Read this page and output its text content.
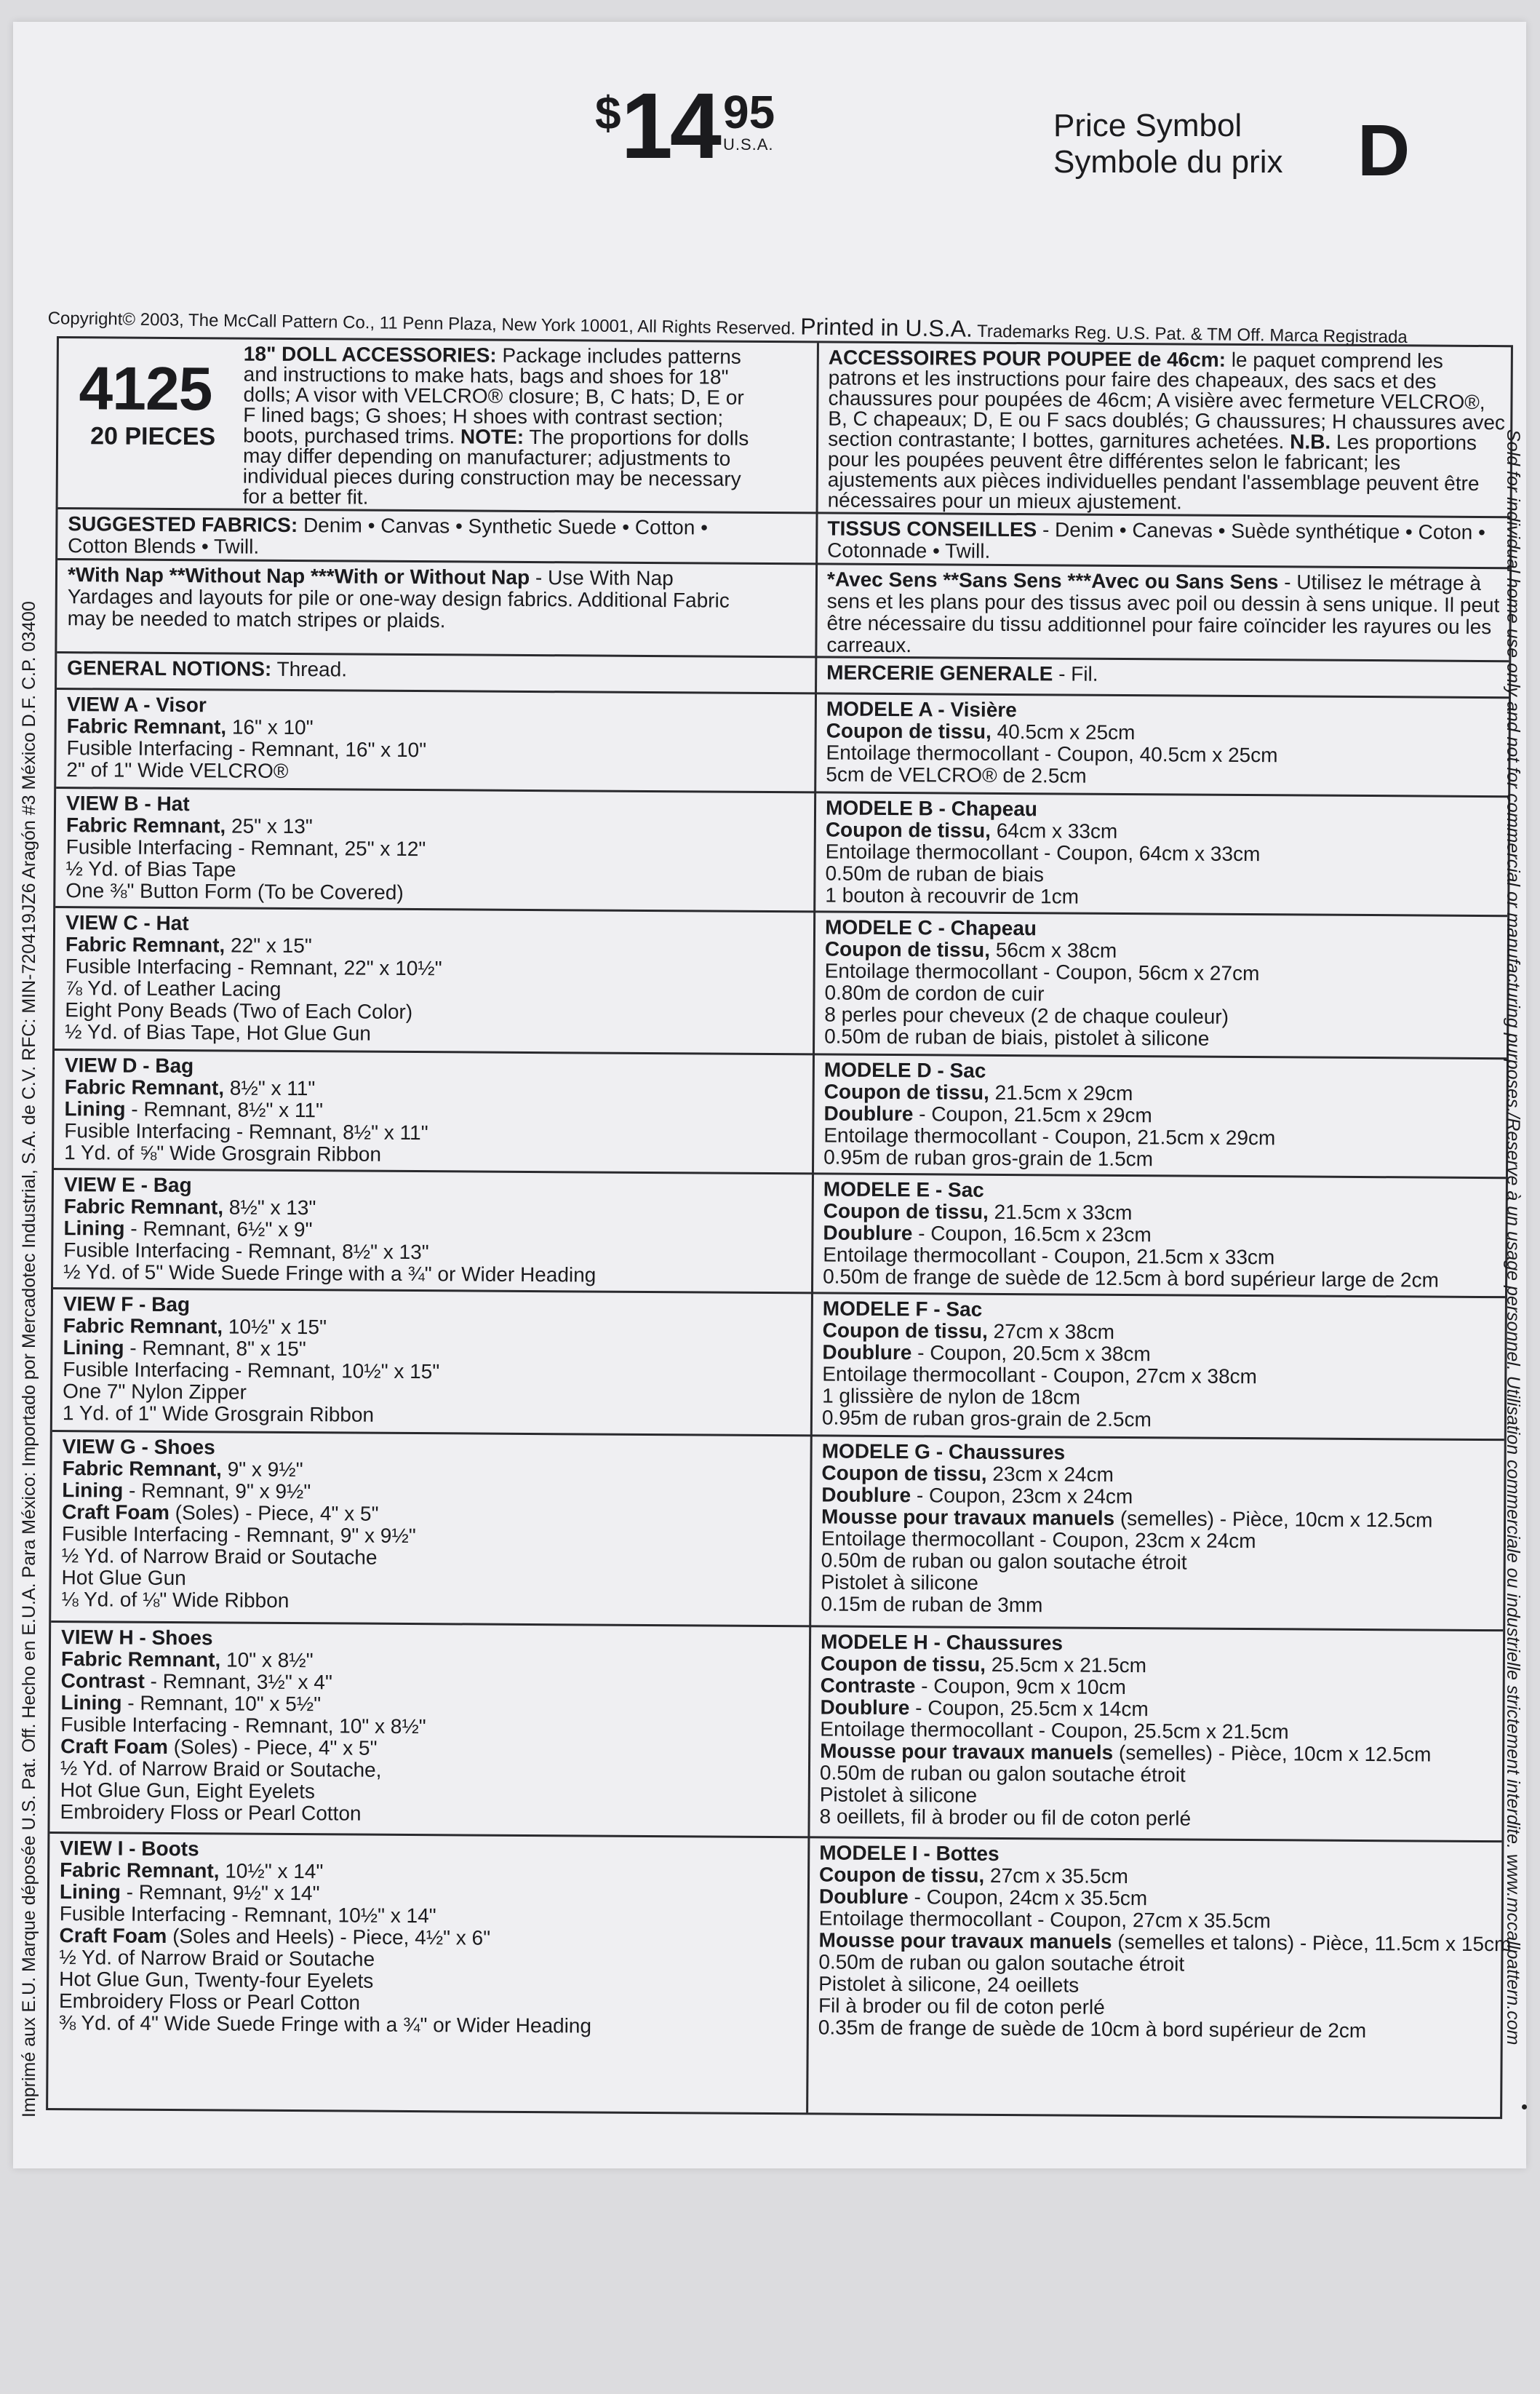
$14 95
U.S.A.
Price Symbol
Symbole du prix D
Copyright© 2003, The McCall Pattern Co., 11 Penn Plaza, New York 10001, All Rights Reserved. Printed in U.S.A. Trademarks Reg. U.S. Pat. & TM Off. Marca Registrada
4125
20 PIECES
18" DOLL ACCESSORIES: Package includes patterns
and instructions to make hats, bags and shoes for 18"
dolls; A visor with VELCRO® closure; B, C hats; D, E or
F lined bags; G shoes; H shoes with contrast section;
boots, purchased trims. NOTE: The proportions for dolls
may differ depending on manufacturer; adjustments to
individual pieces during construction may be necessary
for a better fit.
ACCESSOIRES POUR POUPEE de 46cm: le paquet comprend les
patrons et les instructions pour faire des chapeaux, des sacs et des
chaussures pour poupées de 46cm; A visière avec fermeture VELCRO®,
B, C chapeaux; D, E ou F sacs doublés; G chaussures; H chaussures avec
section contrastante; I bottes, garnitures achetées. N.B. Les proportions
pour les poupées peuvent être différentes selon le fabricant; les
ajustements aux pièces individuelles pendant l'assemblage peuvent être
nécessaires pour un mieux ajustement.
SUGGESTED FABRICS: Denim • Canvas • Synthetic Suede • Cotton •
Cotton Blends • Twill.
TISSUS CONSEILLES - Denim • Canevas • Suède synthétique • Coton •
Cotonnade • Twill.
*With Nap **Without Nap ***With or Without Nap - Use With Nap
Yardages and layouts for pile or one-way design fabrics. Additional Fabric
may be needed to match stripes or plaids.
*Avec Sens **Sans Sens ***Avec ou Sans Sens - Utilisez le métrage à
sens et les plans pour des tissus avec poil ou dessin à sens unique. Il peut
être nécessaire du tissu additionnel pour faire coïncider les rayures ou les
carreaux.
GENERAL NOTIONS: Thread.	MERCERIE GENERALE - Fil.
VIEW A - Visor
Fabric Remnant, 16" x 10"
Fusible Interfacing - Remnant, 16" x 10"
2" of 1" Wide VELCRO®
MODELE A - Visière
Coupon de tissu, 40.5cm x 25cm
Entoilage thermocollant - Coupon, 40.5cm x 25cm
5cm de VELCRO® de 2.5cm
VIEW B - Hat
Fabric Remnant, 25" x 13"
Fusible Interfacing - Remnant, 25" x 12"
½ Yd. of Bias Tape
One ⅜" Button Form (To be Covered)
MODELE B - Chapeau
Coupon de tissu, 64cm x 33cm
Entoilage thermocollant - Coupon, 64cm x 33cm
0.50m de ruban de biais
1 bouton à recouvrir de 1cm
VIEW C - Hat
Fabric Remnant, 22" x 15"
Fusible Interfacing - Remnant, 22" x 10½"
⅞ Yd. of Leather Lacing
Eight Pony Beads (Two of Each Color)
½ Yd. of Bias Tape, Hot Glue Gun
MODELE C - Chapeau
Coupon de tissu, 56cm x 38cm
Entoilage thermocollant - Coupon, 56cm x 27cm
0.80m de cordon de cuir
8 perles pour cheveux (2 de chaque couleur)
0.50m de ruban de biais, pistolet à silicone
VIEW D - Bag
Fabric Remnant, 8½" x 11"
Lining - Remnant, 8½" x 11"
Fusible Interfacing - Remnant, 8½" x 11"
1 Yd. of ⅝" Wide Grosgrain Ribbon
MODELE D - Sac
Coupon de tissu, 21.5cm x 29cm
Doublure - Coupon, 21.5cm x 29cm
Entoilage thermocollant - Coupon, 21.5cm x 29cm
0.95m de ruban gros-grain de 1.5cm
VIEW E - Bag
Fabric Remnant, 8½" x 13"
Lining - Remnant, 6½" x 9"
Fusible Interfacing - Remnant, 8½" x 13"
½ Yd. of 5" Wide Suede Fringe with a ¾" or Wider Heading
MODELE E - Sac
Coupon de tissu, 21.5cm x 33cm
Doublure - Coupon, 16.5cm x 23cm
Entoilage thermocollant - Coupon, 21.5cm x 33cm
0.50m de frange de suède de 12.5cm à bord supérieur large de 2cm
VIEW F - Bag
Fabric Remnant, 10½" x 15"
Lining - Remnant, 8" x 15"
Fusible Interfacing - Remnant, 10½" x 15"
One 7" Nylon Zipper
1 Yd. of 1" Wide Grosgrain Ribbon
MODELE F - Sac
Coupon de tissu, 27cm x 38cm
Doublure - Coupon, 20.5cm x 38cm
Entoilage thermocollant - Coupon, 27cm x 38cm
1 glissière de nylon de 18cm
0.95m de ruban gros-grain de 2.5cm
VIEW G - Shoes
Fabric Remnant, 9" x 9½"
Lining - Remnant, 9" x 9½"
Craft Foam (Soles) - Piece, 4" x 5"
Fusible Interfacing - Remnant, 9" x 9½"
½ Yd. of Narrow Braid or Soutache
Hot Glue Gun
⅛ Yd. of ⅛" Wide Ribbon
MODELE G - Chaussures
Coupon de tissu, 23cm x 24cm
Doublure - Coupon, 23cm x 24cm
Mousse pour travaux manuels (semelles) - Pièce, 10cm x 12.5cm
Entoilage thermocollant - Coupon, 23cm x 24cm
0.50m de ruban ou galon soutache étroit
Pistolet à silicone
0.15m de ruban de 3mm
VIEW H - Shoes
Fabric Remnant, 10" x 8½"
Contrast - Remnant, 3½" x 4"
Lining - Remnant, 10" x 5½"
Fusible Interfacing - Remnant, 10" x 8½"
Craft Foam (Soles) - Piece, 4" x 5"
½ Yd. of Narrow Braid or Soutache,
Hot Glue Gun, Eight Eyelets
Embroidery Floss or Pearl Cotton
MODELE H - Chaussures
Coupon de tissu, 25.5cm x 21.5cm
Contraste - Coupon, 9cm x 10cm
Doublure - Coupon, 25.5cm x 14cm
Entoilage thermocollant - Coupon, 25.5cm x 21.5cm
Mousse pour travaux manuels (semelles) - Pièce, 10cm x 12.5cm
0.50m de ruban ou galon soutache étroit
Pistolet à silicone
8 oeillets, fil à broder ou fil de coton perlé
VIEW I - Boots
Fabric Remnant, 10½" x 14"
Lining - Remnant, 9½" x 14"
Fusible Interfacing - Remnant, 10½" x 14"
Craft Foam (Soles and Heels) - Piece, 4½" x 6"
½ Yd. of Narrow Braid or Soutache
Hot Glue Gun, Twenty-four Eyelets
Embroidery Floss or Pearl Cotton
⅜ Yd. of 4" Wide Suede Fringe with a ¾" or Wider Heading
MODELE I - Bottes
Coupon de tissu, 27cm x 35.5cm
Doublure - Coupon, 24cm x 35.5cm
Entoilage thermocollant - Coupon, 27cm x 35.5cm
Mousse pour travaux manuels (semelles et talons) - Pièce, 11.5cm x 15cm
0.50m de ruban ou galon soutache étroit
Pistolet à silicone, 24 oeillets
Fil à broder ou fil de coton perlé
0.35m de frange de suède de 10cm à bord supérieur de 2cm
Imprimé aux E.U. Marque déposée U.S. Pat. Off. Hecho en E.U.A. Para México: Importado por Mercadotec Industrial, S.A. de C.V. RFC: MIN-720419JZ6 Aragón #3 México D.F. C.P. 03400	Sold for individual home use only and not for commercial or manufacturing purposes./Reserve à un usage personnel. Utilisation commerciale ou industrielle strictement interdite. www.mccallpattern.com
